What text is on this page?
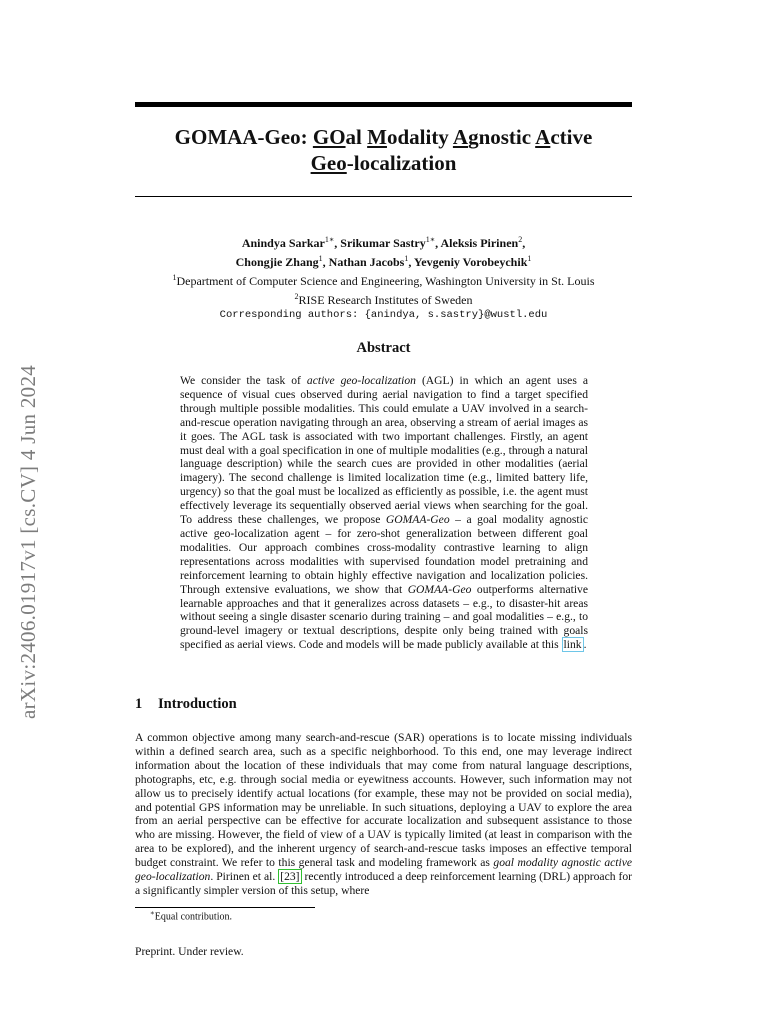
arXiv:2406.01917v1 [cs.CV] 4 Jun 2024
GOMAA-Geo: GOal Modality Agnostic Active
Geo-localization
Anindya Sarkar$^{1∗}$, Srikumar Sastry$^{1∗}$, Aleksis Pirinen$^2$,
Chongjie Zhang$^1$, Nathan Jacobs$^1$, Yevgeniy Vorobeychik$^1$
$^1$Department of Computer Science and Engineering, Washington University in St. Louis
$^2$RISE Research Institutes of Sweden
Corresponding authors: {anindya, s.sastry}@wustl.edu
Abstract

We consider the task of active geo-localization (AGL) in which an agent uses a sequence of visual cues observed during aerial navigation to find a target specified through multiple possible modalities. This could emulate a UAV involved in a search-and-rescue operation navigating through an area, observing a stream of aerial images as it goes. The AGL task is associated with two important challenges. Firstly, an agent must deal with a goal specification in one of multiple modalities (e.g., through a natural language description) while the search cues are provided in other modalities (aerial imagery). The second challenge is limited localization time (e.g., limited battery life, urgency) so that the goal must be localized as efficiently as possible, i.e. the agent must effectively leverage its sequentially observed aerial views when searching for the goal. To address these challenges, we propose GOMAA-Geo – a goal modality agnostic active geo-localization agent – for zero-shot generalization between different goal modalities. Our approach combines cross-modality contrastive learning to align representations across modalities with supervised foundation model pretraining and reinforcement learning to obtain highly effective navigation and localization policies. Through extensive evaluations, we show that GOMAA-Geo outperforms alternative learnable approaches and that it generalizes across datasets – e.g., to disaster-hit areas without seeing a single disaster scenario during training – and goal modalities – e.g., to ground-level imagery or textual descriptions, despite only being trained with goals specified as aerial views. Code and models will be made publicly available at this link .

1 Introduction

A common objective among many search-and-rescue (SAR) operations is to locate missing individuals within a defined search area, such as a specific neighborhood. To this end, one may leverage indirect information about the location of these individuals that may come from natural language descriptions, photographs, etc, e.g. through social media or eyewitness accounts. However, such information may not allow us to precisely identify actual locations (for example, these may not be provided on social media), and potential GPS information may be unreliable. In such situations, deploying a UAV to explore the area from an aerial perspective can be effective for accurate localization and subsequent assistance to those who are missing. However, the field of view of a UAV is typically limited (at least in comparison with the area to be explored), and the inherent urgency of search-and-rescue tasks imposes an effective temporal budget constraint. We refer to this general task and modeling framework as goal modality agnostic active geo-localization. Pirinen et al. [23] recently introduced a deep reinforcement learning (DRL) approach for a significantly simpler version of this setup, where

∗Equal contribution.
Preprint. Under review.
